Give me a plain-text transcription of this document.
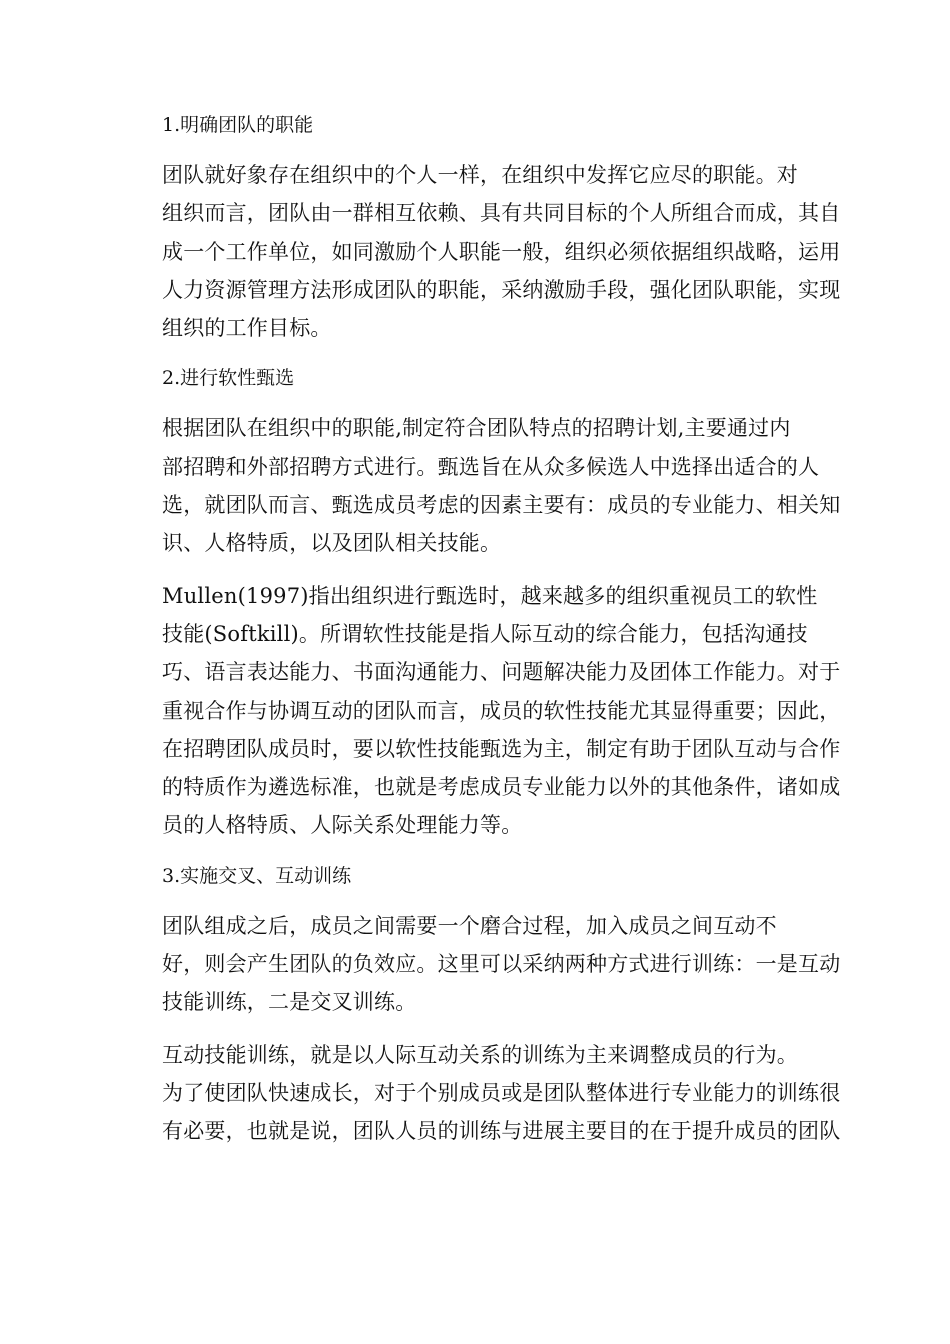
1.明确团队的职能
团队就好象存在组织中的个人一样，在组织中发挥它应尽的职能。对
组织而言，团队由一群相互依赖、具有共同目标的个人所组合而成，其自
成一个工作单位，如同激励个人职能一般，组织必须依据组织战略，运用
人力资源管理方法形成团队的职能，采纳激励手段，强化团队职能，实现
组织的工作目标。
2.进行软性甄选
根据团队在组织中的职能,制定符合团队特点的招聘计划,主要通过内
部招聘和外部招聘方式进行。甄选旨在从众多候选人中选择出适合的人
选，就团队而言、甄选成员考虑的因素主要有：成员的专业能力、相关知
识、人格特质，以及团队相关技能。
Mullen(1997)指出组织进行甄选时，越来越多的组织重视员工的软性
技能(Softkill)。所谓软性技能是指人际互动的综合能力，包括沟通技
巧、语言表达能力、书面沟通能力、问题解决能力及团体工作能力。对于
重视合作与协调互动的团队而言，成员的软性技能尤其显得重要；因此，
在招聘团队成员时，要以软性技能甄选为主，制定有助于团队互动与合作
的特质作为遴选标准，也就是考虑成员专业能力以外的其他条件，诸如成
员的人格特质、人际关系处理能力等。
3.实施交叉、互动训练
团队组成之后，成员之间需要一个磨合过程，加入成员之间互动不
好，则会产生团队的负效应。这里可以采纳两种方式进行训练：一是互动
技能训练，二是交叉训练。
互动技能训练，就是以人际互动关系的训练为主来调整成员的行为。
为了使团队快速成长，对于个别成员或是团队整体进行专业能力的训练很
有必要，也就是说，团队人员的训练与进展主要目的在于提升成员的团队
